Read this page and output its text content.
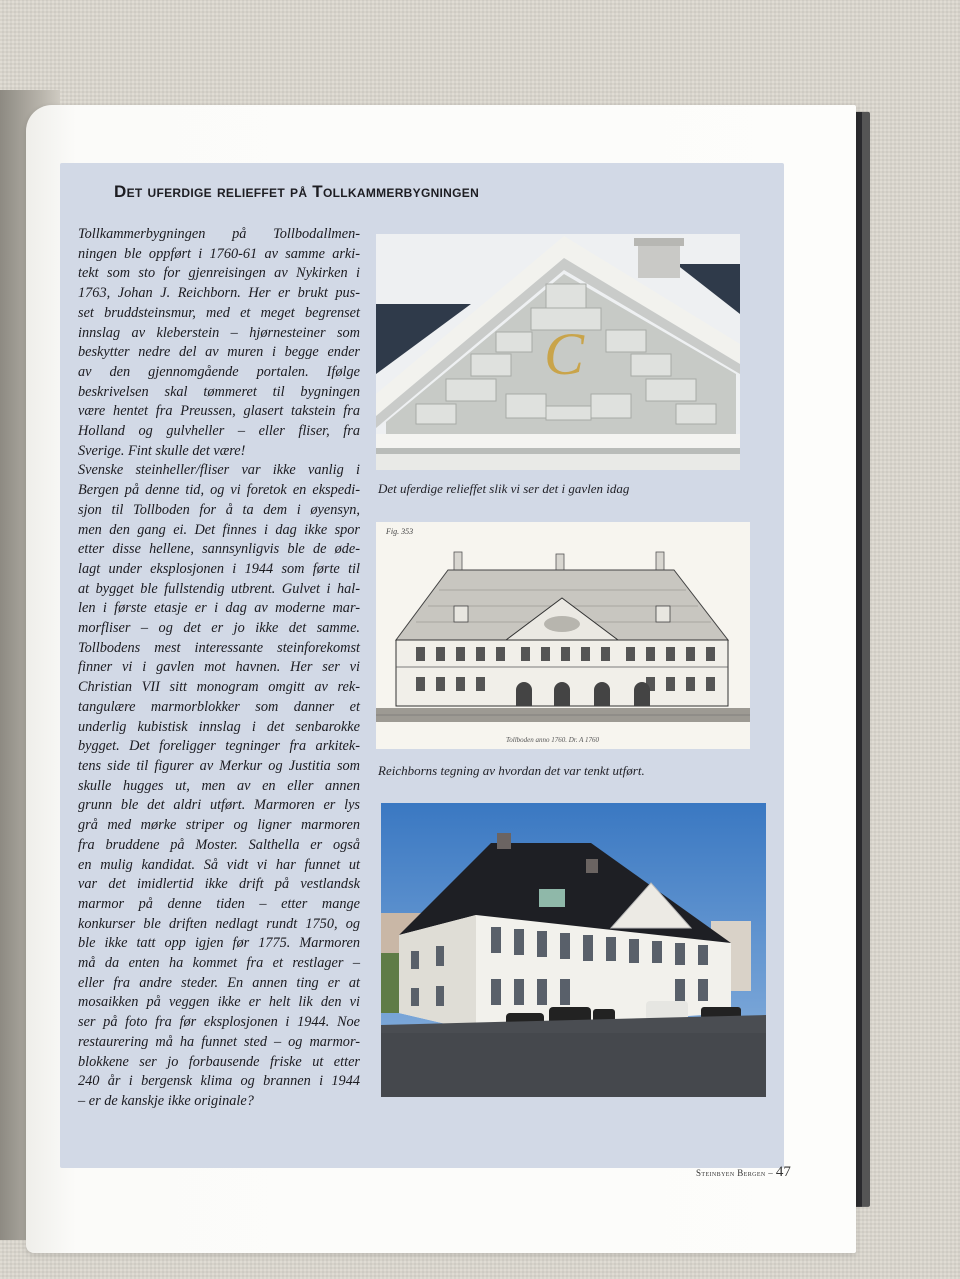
Det uferdige relieffet på Tollkammerbygningen
Tollkammerbygningen på Tollbodallmen-
ningen ble oppført i 1760-61 av samme arki-
tekt som sto for gjenreisingen av Nykirken i
1763, Johan J. Reichborn. Her er brukt pus-
set bruddsteinsmur, med et meget begrenset
innslag av kleberstein – hjørnesteiner som
beskytter nedre del av muren i begge ender
av den gjennomgående portalen. Ifølge
beskrivelsen skal tømmeret til bygningen
være hentet fra Preussen, glasert takstein fra
Holland og gulvheller – eller fliser, fra
Sverige. Fint skulle det være!
Svenske steinheller/fliser var ikke vanlig i
Bergen på denne tid, og vi foretok en ekspedi-
sjon til Tollboden for å ta dem i øyensyn,
men den gang ei. Det finnes i dag ikke spor
etter disse hellene, sannsynligvis ble de øde-
lagt under eksplosjonen i 1944 som førte til
at bygget ble fullstendig utbrent. Gulvet i hal-
len i første etasje er i dag av moderne mar-
morfliser – og det er jo ikke det samme.
Tollbodens mest interessante steinforekomst
finner vi i gavlen mot havnen. Her ser vi
Christian VII sitt monogram omgitt av rek-
tangulære marmorblokker som danner et
underlig kubistisk innslag i det senbarokke
bygget. Det foreligger tegninger fra arkitek-
tens side til figurer av Merkur og Justitia som
skulle hugges ut, men av en eller annen
grunn ble det aldri utført. Marmoren er lys
grå med mørke striper og ligner marmoren
fra bruddene på Moster. Salthella er også
en mulig kandidat. Så vidt vi har funnet ut
var det imidlertid ikke drift på vestlandsk
marmor på denne tiden – etter mange
konkurser ble driften nedlagt rundt 1750, og
ble ikke tatt opp igjen før 1775. Marmoren
må da enten ha kommet fra et restlager –
eller fra andre steder. En annen ting er at
mosaikken på veggen ikke er helt lik den vi
ser på foto fra før eksplosjonen i 1944. Noe
restaurering må ha funnet sted – og marmor-
blokkene ser jo forbausende friske ut etter
240 år i bergensk klima og brannen i 1944
– er de kanskje ikke originale?
C
Det uferdige relieffet slik vi ser det i gavlen idag
Fig. 353
Tollboden anno 1760. Dr. A 1760
Reichborns tegning av hvordan det var tenkt utført.
Steinbyen Bergen – 47
